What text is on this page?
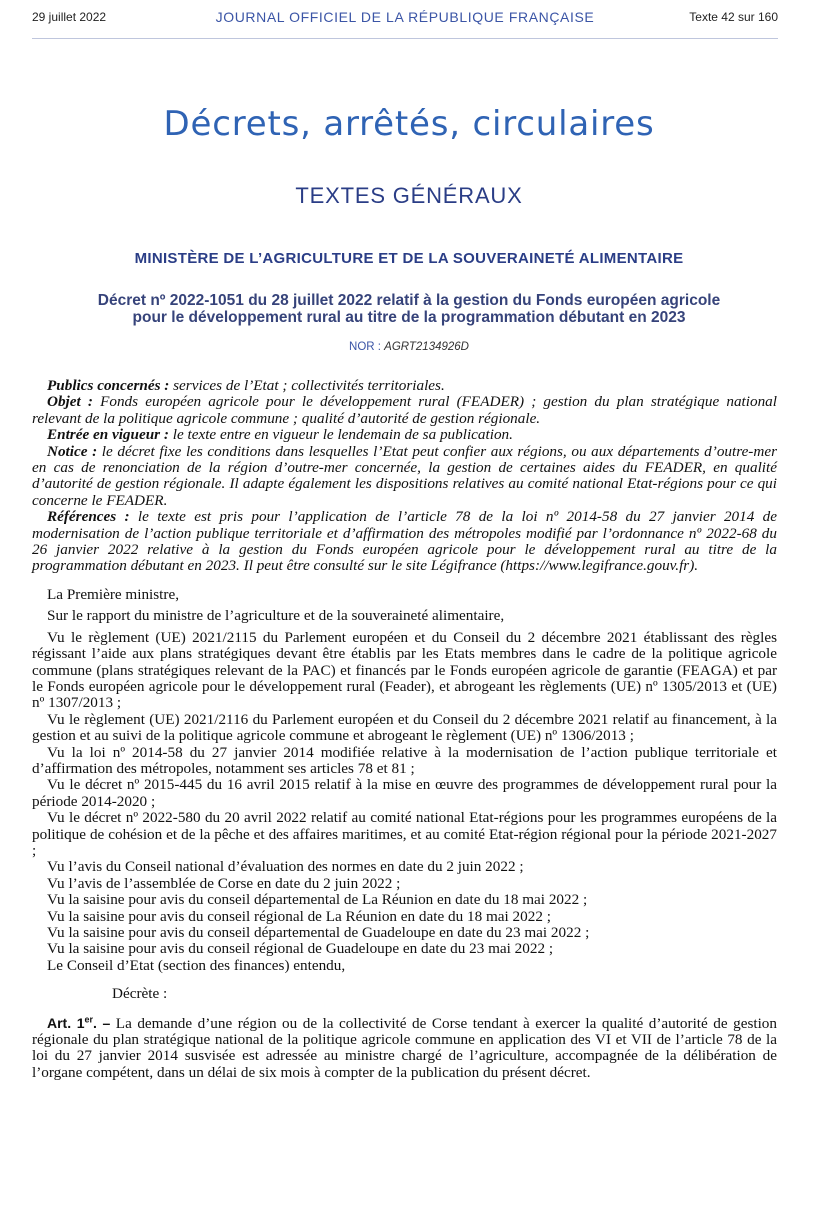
29 juillet 2022	JOURNAL OFFICIEL DE LA RÉPUBLIQUE FRANÇAISE	Texte 42 sur 160
Décrets, arrêtés, circulaires
TEXTES GÉNÉRAUX
MINISTÈRE DE L’AGRICULTURE ET DE LA SOUVERAINETÉ ALIMENTAIRE
Décret nº 2022-1051 du 28 juillet 2022 relatif à la gestion du Fonds européen agricole
pour le développement rural au titre de la programmation débutant en 2023
NOR : AGRT2134926D

Publics concernés : services de l’Etat ; collectivités territoriales.

Objet : Fonds européen agricole pour le développement rural (FEADER) ; gestion du plan stratégique national relevant de la politique agricole commune ; qualité d’autorité de gestion régionale.

Entrée en vigueur : le texte entre en vigueur le lendemain de sa publication.

Notice : le décret fixe les conditions dans lesquelles l’Etat peut confier aux régions, ou aux départements d’outre-mer en cas de renonciation de la région d’outre-mer concernée, la gestion de certaines aides du FEADER, en qualité d’autorité de gestion régionale. Il adapte également les dispositions relatives au comité national Etat-régions pour ce qui concerne le FEADER.

Références : le texte est pris pour l’application de l’article 78 de la loi nº 2014-58 du 27 janvier 2014 de modernisation de l’action publique territoriale et d’affirmation des métropoles modifié par l’ordonnance nº 2022-68 du 26 janvier 2022 relative à la gestion du Fonds européen agricole pour le développement rural au titre de la programmation débutant en 2023. Il peut être consulté sur le site Légifrance (https://www.legifrance.gouv.fr).

La Première ministre,

Sur le rapport du ministre de l’agriculture et de la souveraineté alimentaire,

Vu le règlement (UE) 2021/2115 du Parlement européen et du Conseil du 2 décembre 2021 établissant des règles régissant l’aide aux plans stratégiques devant être établis par les Etats membres dans le cadre de la politique agricole commune (plans stratégiques relevant de la PAC) et financés par le Fonds européen agricole de garantie (FEAGA) et par le Fonds européen agricole pour le développement rural (Feader), et abrogeant les règlements (UE) nº 1305/2013 et (UE) nº 1307/2013 ;

Vu le règlement (UE) 2021/2116 du Parlement européen et du Conseil du 2 décembre 2021 relatif au financement, à la gestion et au suivi de la politique agricole commune et abrogeant le règlement (UE) nº 1306/2013 ;

Vu la loi nº 2014-58 du 27 janvier 2014 modifiée relative à la modernisation de l’action publique territoriale et d’affirmation des métropoles, notamment ses articles 78 et 81 ;

Vu le décret nº 2015-445 du 16 avril 2015 relatif à la mise en œuvre des programmes de développement rural pour la période 2014-2020 ;

Vu le décret nº 2022-580 du 20 avril 2022 relatif au comité national Etat-régions pour les programmes européens de la politique de cohésion et de la pêche et des affaires maritimes, et au comité Etat-région régional pour la période 2021-2027 ;

Vu l’avis du Conseil national d’évaluation des normes en date du 2 juin 2022 ;

Vu l’avis de l’assemblée de Corse en date du 2 juin 2022 ;

Vu la saisine pour avis du conseil départemental de La Réunion en date du 18 mai 2022 ;

Vu la saisine pour avis du conseil régional de La Réunion en date du 18 mai 2022 ;

Vu la saisine pour avis du conseil départemental de Guadeloupe en date du 23 mai 2022 ;

Vu la saisine pour avis du conseil régional de Guadeloupe en date du 23 mai 2022 ;

Le Conseil d’Etat (section des finances) entendu,

Décrète :

Art. 1er. – La demande d’une région ou de la collectivité de Corse tendant à exercer la qualité d’autorité de gestion régionale du plan stratégique national de la politique agricole commune en application des VI et VII de l’article 78 de la loi du 27 janvier 2014 susvisée est adressée au ministre chargé de l’agriculture, accompagnée de la délibération de l’organe compétent, dans un délai de six mois à compter de la publication du présent décret.
